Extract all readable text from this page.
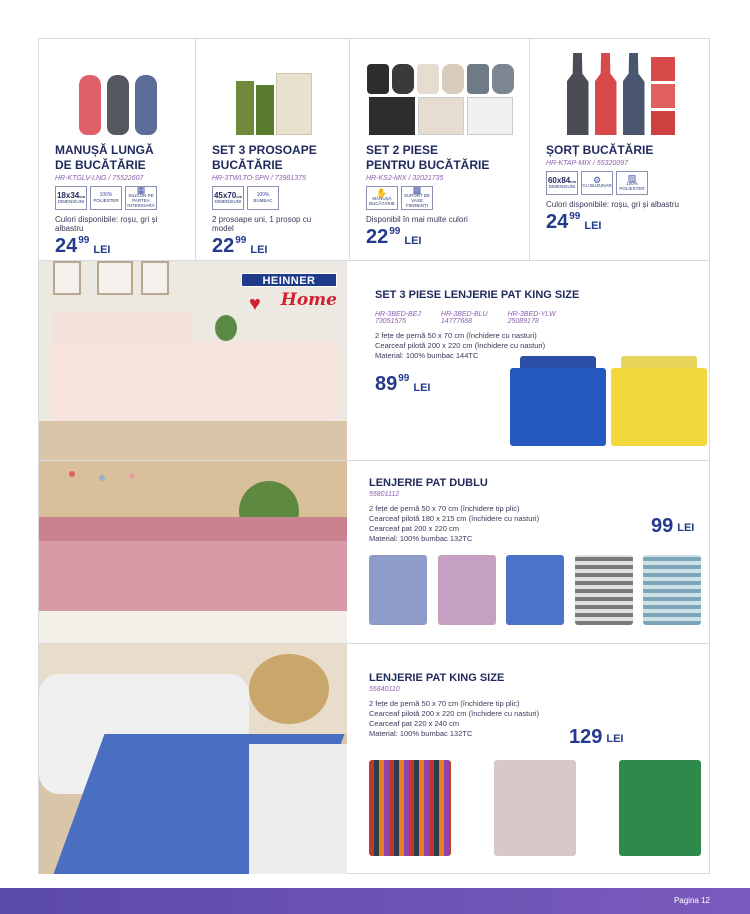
MANUȘĂ LUNGĂ
DE BUCĂTĂRIE
HR-KTGLV-LNG / 75522607
18x34cm
DIMENSIUNI
100%
POLIESTER
▦
SILICON PE PARTEA INTERIOARĂ
Culori disponibile: roșu, gri și albastru
24 99
LEI
SET 3 PROSOAPE
BUCĂTĂRIE
HR-3TWLTO-SPN / 73981375
45x70cm
DIMENSIUNI
100%
BUMBAC
2 prosoape uni, 1 prosop cu model
22 99
LEI
SET 2 PIESE
PENTRU BUCĂTĂRIE
HR-KS2-MIX / 32021735
✋
MĂNUȘĂ BUCĂTĂRIE
▩
SUPORT DE VASE FIERBINȚI
Disponibil în mai multe culori
22 99
LEI
ȘORȚ BUCĂTĂRIE
HR-KTAP-MIX / 55320097
60x84cm
DIMENSIUNI
⚙
CU BUZUNAR
▨
100% POLIESTER
Culori disponibile: roșu, gri și albastru
24 99
LEI
HEINNER
♥	Home	SET 3 PIESE LENJERIE PAT KING SIZE
HR-3BED-BEJ
73051575
HR-3BED-BLU
14777668
HR-3BED-YLW
25089178
2 fețe de pernă 50 x 70 cm (închidere cu nasturi)
Cearceaf pilotă 200 x 220 cm (închidere cu nasturi)
Material: 100% bumbac 144TC
89 99
LEI
LENJERIE PAT DUBLU
55801112
2 fețe de pernă 50 x 70 cm (închidere tip plic)
Cearceaf pilotă 180 x 215 cm (închidere cu nasturi)
Cearceaf pat 200 x 220 cm
Material: 100% bumbac 132TC
99 LEI
LENJERIE PAT KING SIZE
55840110
2 fețe de pernă 50 x 70 cm (închidere tip plic)
Cearceaf pilotă 200 x 220 cm (închidere cu nasturi)
Cearceaf pat 220 x 240 cm
Material: 100% bumbac 132TC	129 LEI
Pagina 12
